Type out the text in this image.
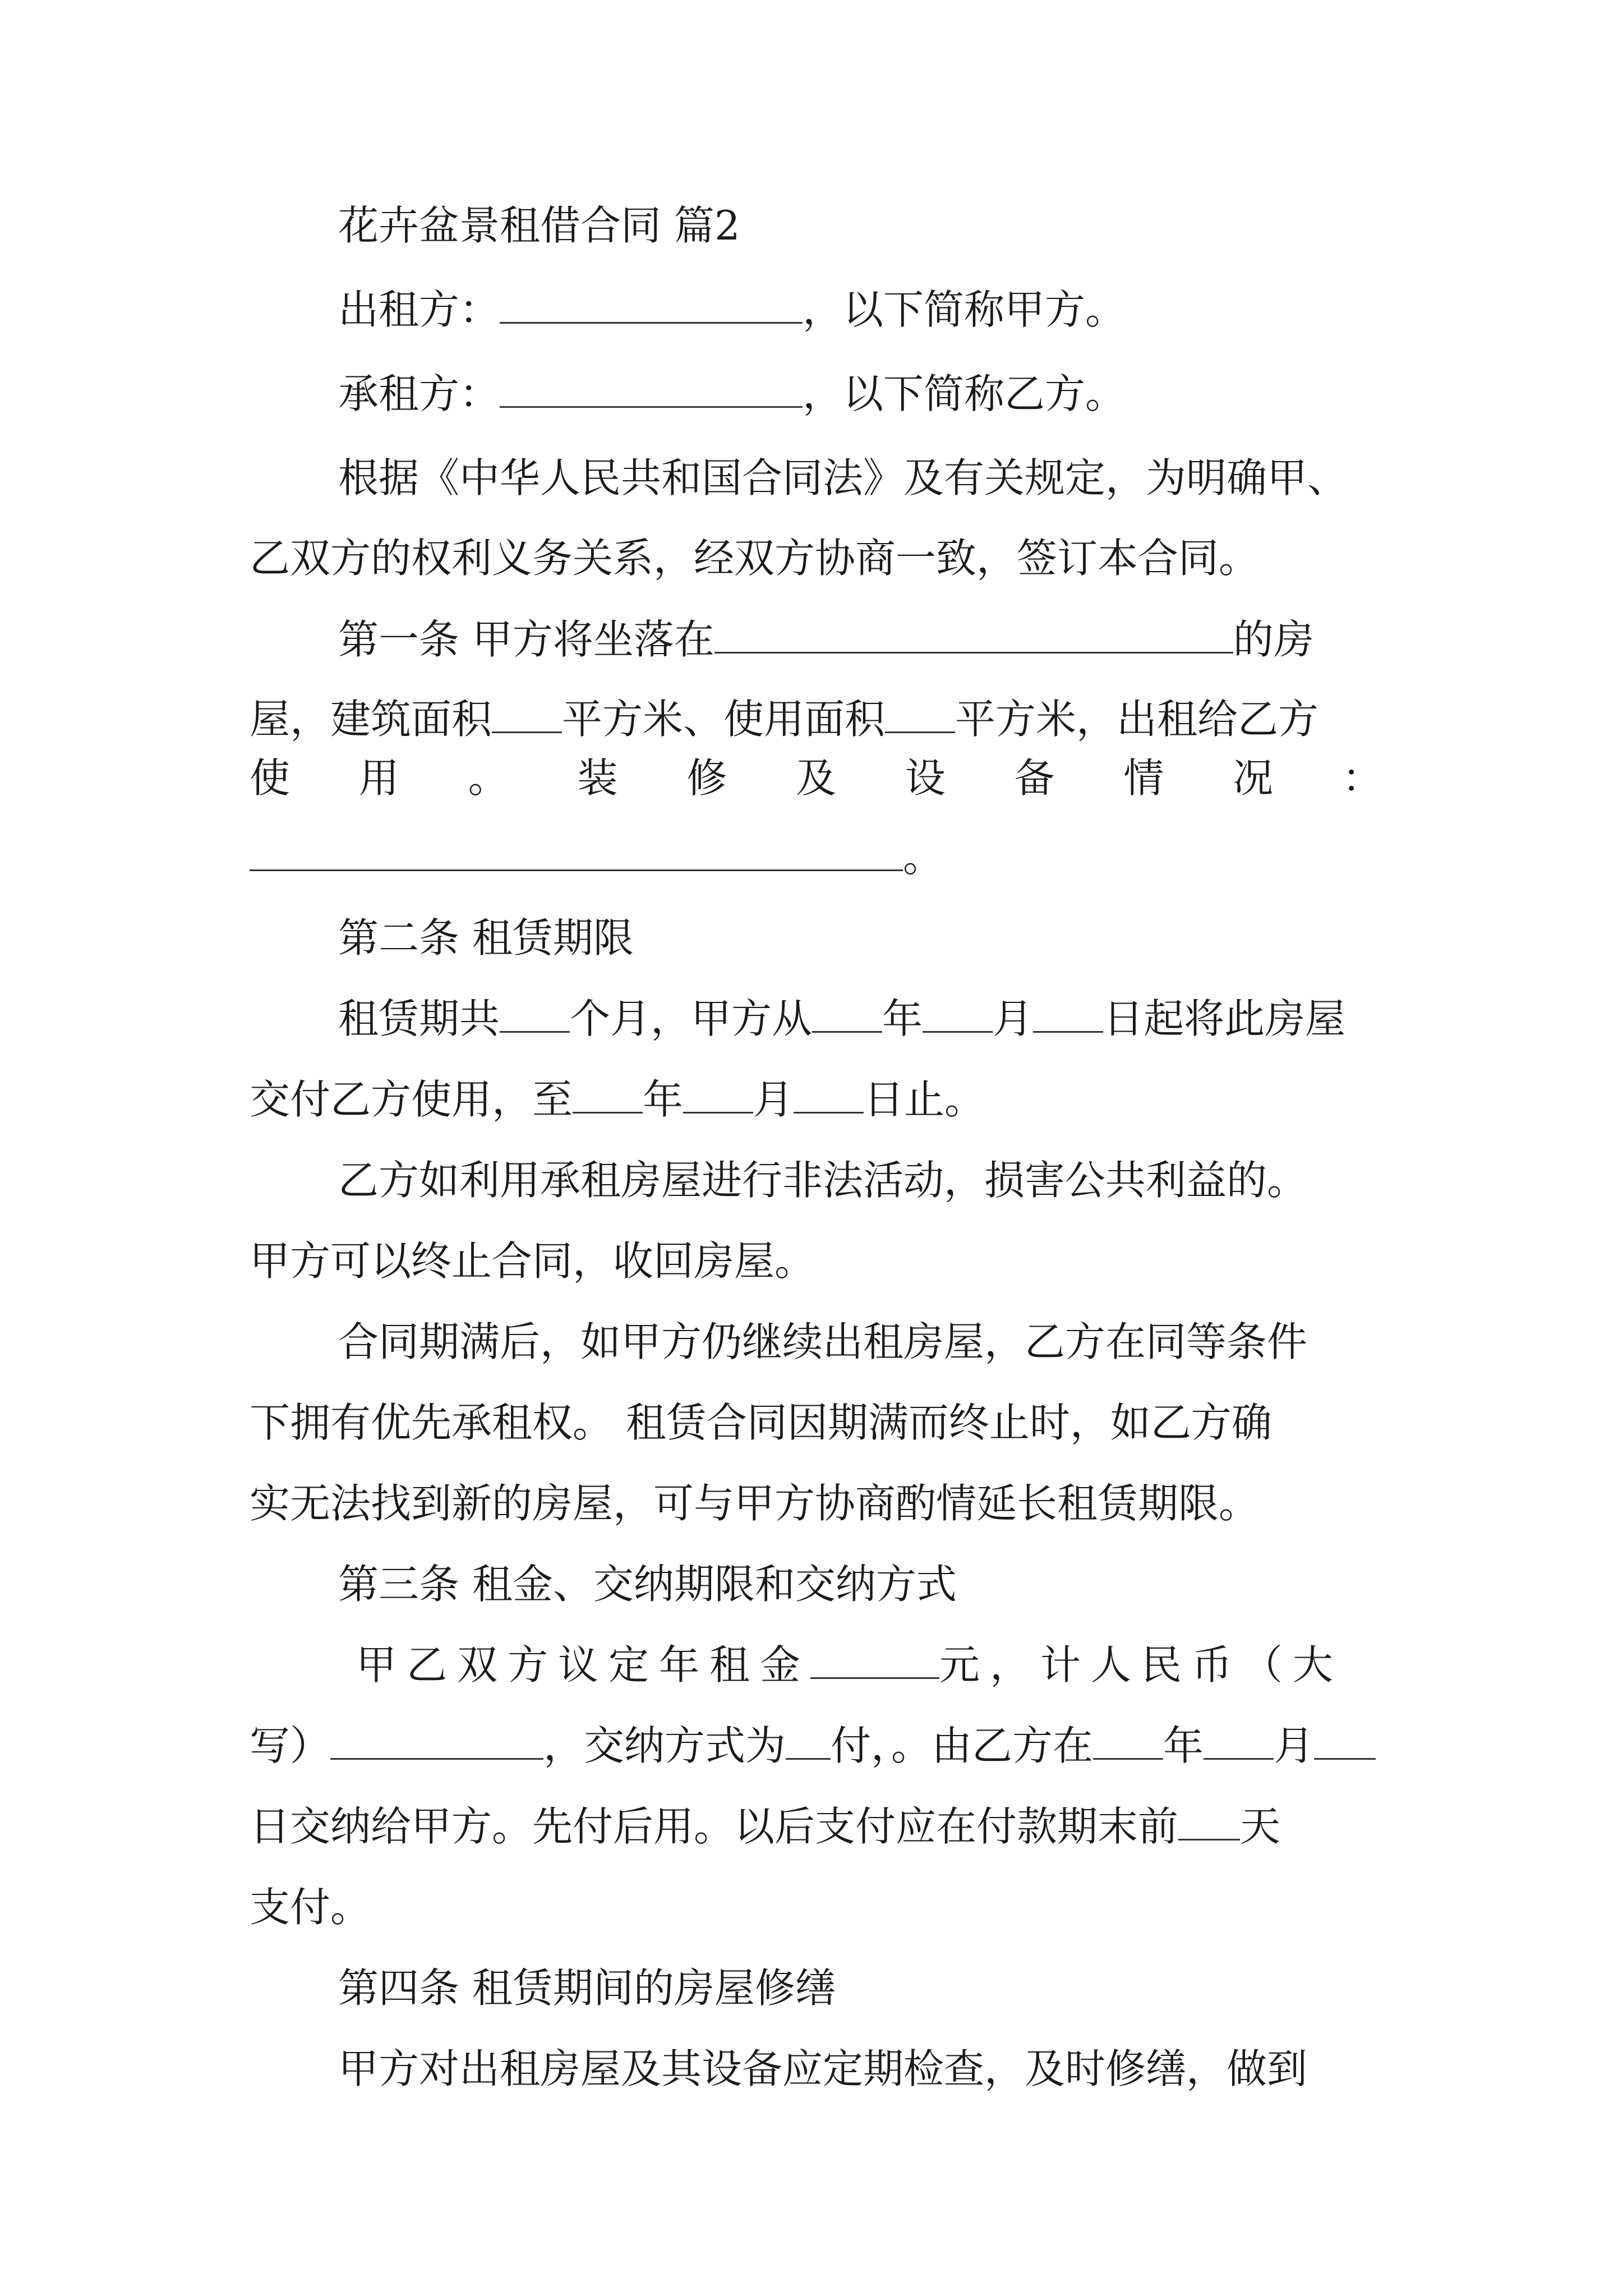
花卉盆景租借合同 篇2
出租方：	，以下简称甲方。
承租方：	，以下简称乙方。
根据《中华人民共和国合同法》及有关规定，为明确甲、
乙双方的权利义务关系，经双方协商一致，签订本合同。
第一条 甲方将坐落在	的房
屋，建筑面积 平方米、使用面积 平方米，出租给乙方
使 用 。 装 修 及 设 备 情 况 ：
。
第二条 租赁期限
租赁期共 个月，甲方从 年 月 日起将此房屋
交付乙方使用，至 年 月 日止。
乙方如利用承租房屋进行非法活动，损害公共利益的。
甲方可以终止合同，收回房屋。
合同期满后，如甲方仍继续出租房屋，乙方在同等条件
下拥有优先承租权。 租赁合同因期满而终止时，如乙方确
实无法找到新的房屋，可与甲方协商酌情延长租赁期限。
第三条 租金、交纳期限和交纳方式
甲乙双方议定年租金	元，计人民币（大
写）	，交纳方式为 付，。由乙方在 年 月
日交纳给甲方。先付后用。以后支付应在付款期末前 天
支付。
第四条 租赁期间的房屋修缮
甲方对出租房屋及其设备应定期检查，及时修缮，做到
